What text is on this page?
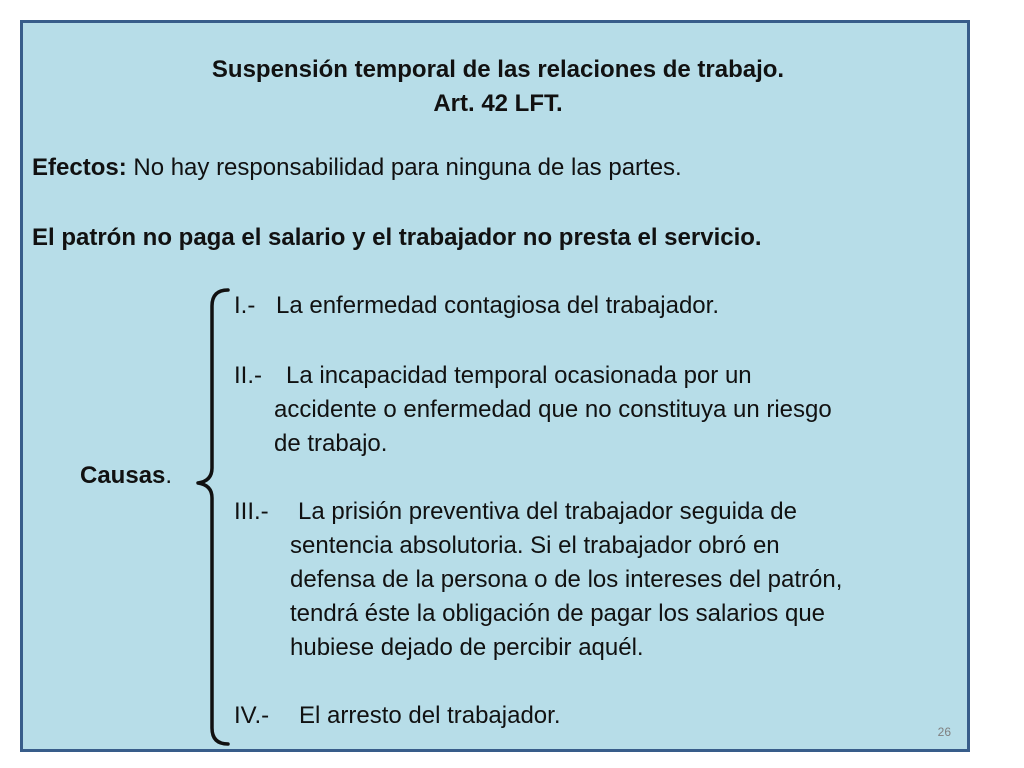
Suspensión temporal de las relaciones de trabajo.

Art. 42 LFT.

Efectos: No hay responsabilidad para ninguna de las partes.

El patrón no paga el salario y el trabajador no presta el servicio.

Causas.

I.- La enfermedad contagiosa del trabajador.

II.- La incapacidad temporal ocasionada por un

accidente o enfermedad que no constituya un riesgo

de trabajo.

III.- La prisión preventiva del trabajador seguida de

sentencia absolutoria. Si el trabajador obró en

defensa de la persona o de los intereses del patrón,

tendrá éste la obligación de pagar los salarios que

hubiese dejado de percibir aquél.

IV.- El arresto del trabajador.

26
